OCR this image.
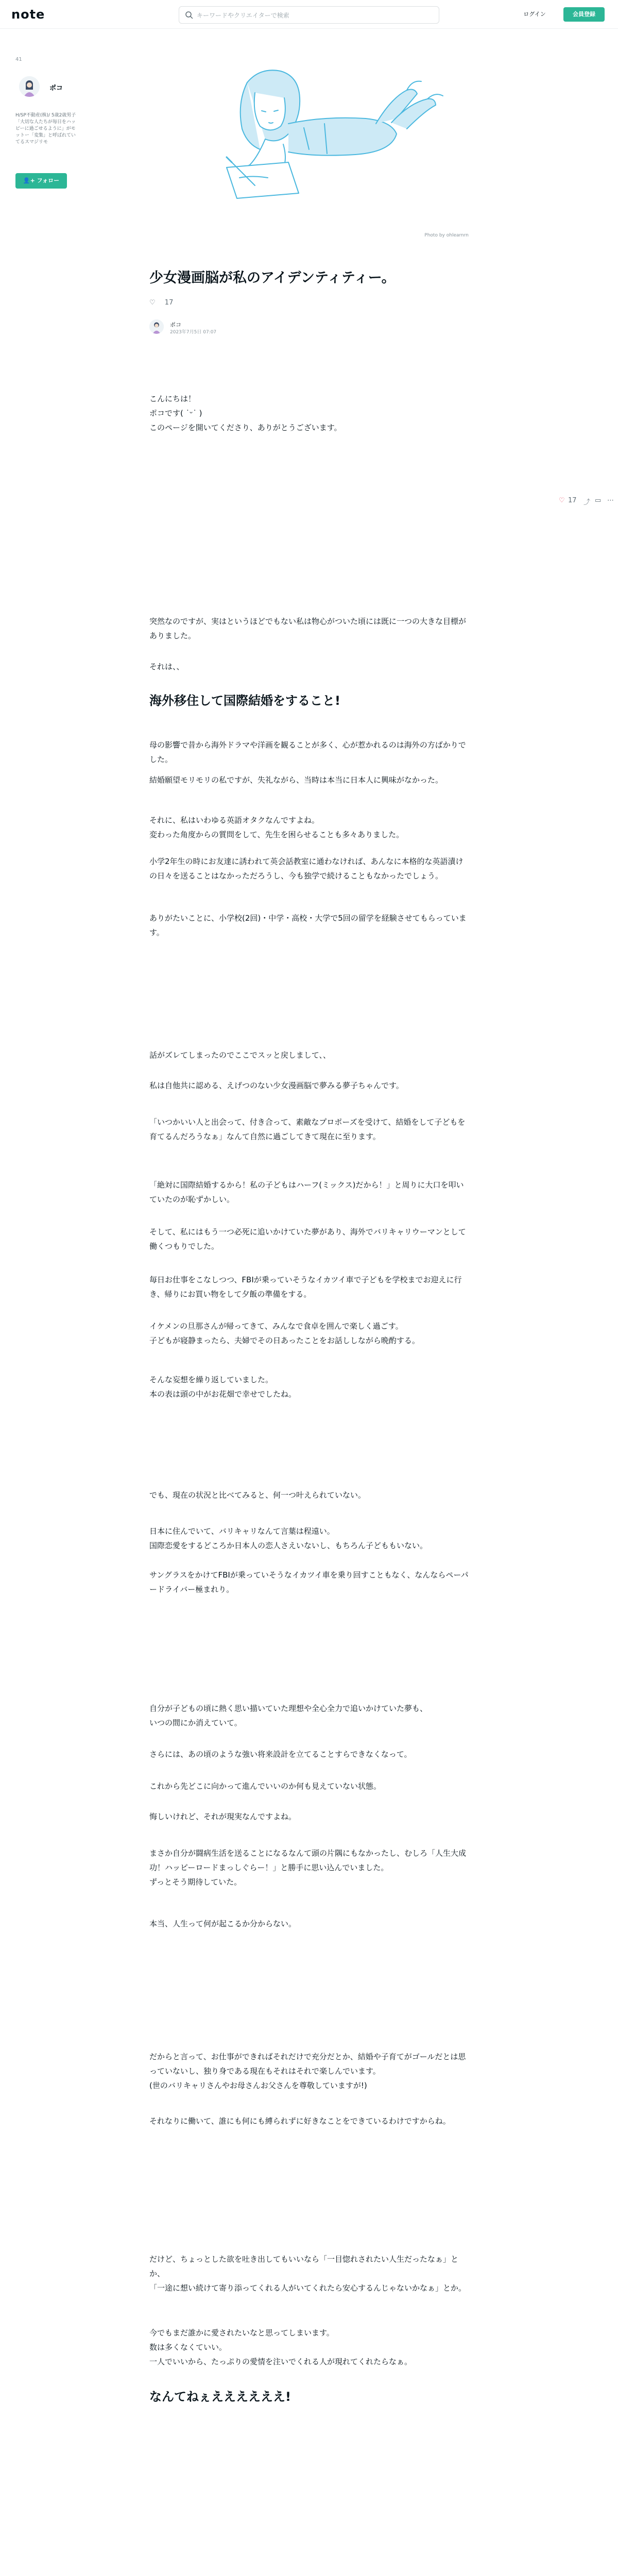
note
キーワードやクリエイターで検索	ログイン	会員登録
41
ポコ
H/SP不動産(株)/ 5歳2歳男子「大切な人たちが毎日をハッピーに過ごせるように」がモットー「変集」と呼ばれていてるスマジリモ
👤+ フォロー
Photo by ohlearnrn
少女漫画脳が私のアイデンティティー。
♡ 17
ポコ
2023年7月5日 07:07
こんにちは！
ポコです( ˙ᵕ˙ )
このページを開いてくださり、ありがとうございます。
♡ 17 ⤴ ▭ ⋯
突然なのですが、実はというほどでもない私は物心がついた頃には既に一つの大きな目標がありました。
それは、、
海外移住して国際結婚をすること!
母の影響で昔から海外ドラマや洋画を観ることが多く、心が惹かれるのは海外の方ばかりでした。
結婚願望モリモリの私ですが、失礼ながら、当時は本当に日本人に興味がなかった。
それに、私はいわゆる英語オタクなんですよね。
変わった角度からの質問をして、先生を困らせることも多々ありました。
小学2年生の時にお友達に誘われて英会話教室に通わなければ、あんなに本格的な英語漬けの日々を送ることはなかっただろうし、今も独学で続けることもなかったでしょう。
ありがたいことに、小学校(2回)・中学・高校・大学で5回の留学を経験させてもらっています。
話がズレてしまったのでここでスッと戻しまして、、
私は自他共に認める、えげつのない少女漫画脳で夢みる夢子ちゃんです。
「いつかいい人と出会って、付き合って、素敵なプロポーズを受けて、結婚をして子どもを育てるんだろうなぁ」なんて自然に過ごしてきて現在に至ります。
「絶対に国際結婚するから！私の子どもはハーフ(ミックス)だから！」と周りに大口を叩いていたのが恥ずかしい。
そして、私にはもう一つ必死に追いかけていた夢があり、海外でバリキャリウーマンとして働くつもりでした。
毎日お仕事をこなしつつ、FBIが乗っていそうなイカツイ車で子どもを学校までお迎えに行き、帰りにお買い物をして夕飯の準備をする。
イケメンの旦那さんが帰ってきて、みんなで食卓を囲んで楽しく過ごす。
子どもが寝静まったら、夫婦でその日あったことをお話ししながら晩酌する。
そんな妄想を繰り返していました。
本の表は頭の中がお花畑で幸せでしたね。
でも、現在の状況と比べてみると、何一つ叶えられていない。
日本に住んでいて、バリキャリなんて言葉は程遠い。
国際恋愛をするどころか日本人の恋人さえいないし、もちろん子どももいない。
サングラスをかけてFBIが乗っていそうなイカツイ車を乗り回すこともなく、なんならペーパードライバー極まれり。
自分が子どもの頃に熱く思い描いていた理想や全心全力で追いかけていた夢も、
いつの間にか消えていて。
さらには、あの頃のような強い将来設計を立てることすらできなくなって。
これから先どこに向かって進んでいいのか何も見えていない状態。
悔しいけれど、それが現実なんですよね。
まさか自分が闘病生活を送ることになるなんて頭の片隅にもなかったし、むしろ「人生大成功！ハッピーロードまっしぐらー！」と勝手に思い込んでいました。
ずっとそう期待していた。
本当、人生って何が起こるか分からない。
だからと言って、お仕事ができればそれだけで充分だとか、結婚や子育てがゴールだとは思っていないし、独り身である現在もそれはそれで楽しんでいます。
(世のバリキャリさんやお母さんお父さんを尊敬していますが!)
それなりに働いて、誰にも何にも縛られずに好きなことをできているわけですからね。
だけど、ちょっとした欲を吐き出してもいいなら「一目惚れされたい人生だったなぁ」とか、
「一途に想い続けて寄り添ってくれる人がいてくれたら安心するんじゃないかなぁ」とか。
今でもまだ誰かに愛されたいなと思ってしまいます。
数は多くなくていい。
一人でいいから、たっぷりの愛情を注いでくれる人が現れてくれたらなぁ。
なんてねぇええええええ!
